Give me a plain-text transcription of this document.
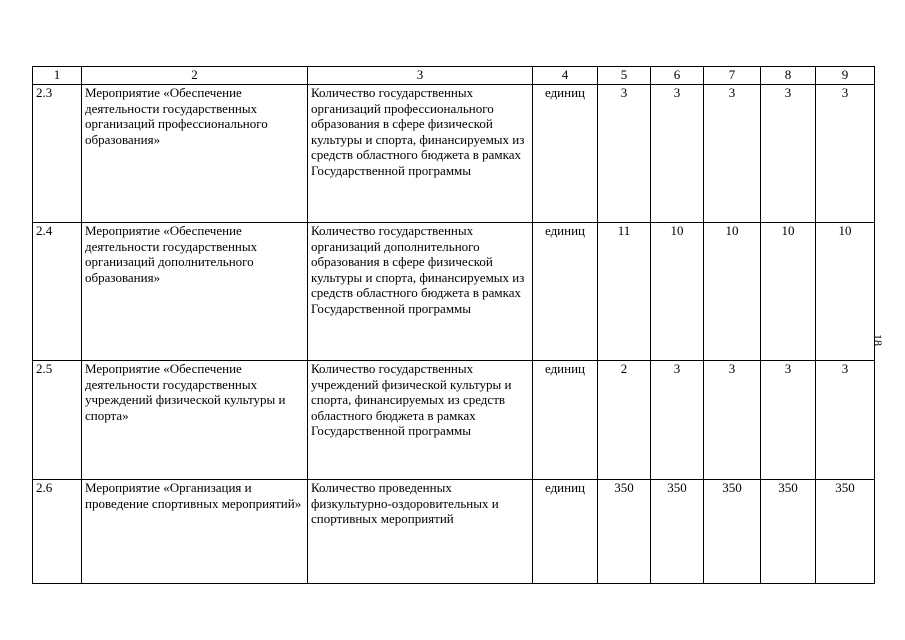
1	2	3	4	5	6	7	8	9
2.3	Мероприятие «Обеспечение деятельности государственных организаций профессионального образования»	Количество государственных организаций профессионального образования в сфере физической культуры и спорта, финансируемых из средств областного бюджета в рамках Государственной программы	единиц	3	3	3	3	3
2.4	Мероприятие «Обеспечение деятельности государственных организаций дополнительного образования»	Количество государственных организаций дополнительного образования в сфере физической культуры и спорта, финансируемых из средств областного бюджета в рамках Государственной программы	единиц	11	10	10	10	10
2.5	Мероприятие «Обеспечение деятельности государственных учреждений физической культуры и спорта»	Количество государственных учреждений физической культуры и спорта, финансируемых из средств областного бюджета в рамках Государственной программы	единиц	2	3	3	3	3
2.6	Мероприятие «Организация и проведение спортивных мероприятий»	Количество проведенных физкультурно-оздоровительных и спортивных мероприятий	единиц	350	350	350	350	350
18
